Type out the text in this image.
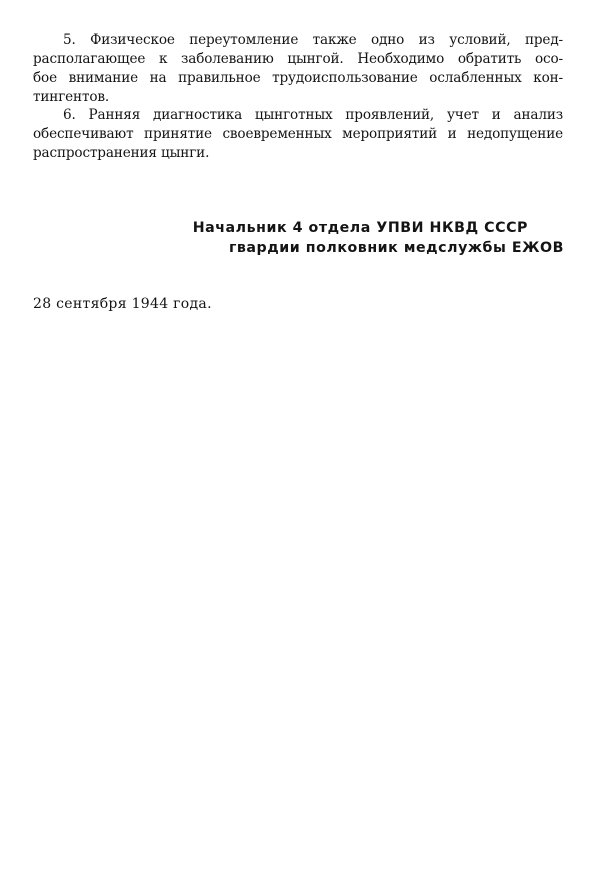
5. Физическое переутомление также одно из условий, пред-
располагающее к заболеванию цынгой. Необходимо обратить осо-
бое внимание на правильное трудоиспользование ослабленных кон-
тингентов.
6. Ранняя диагностика цынготных проявлений, учет и анализ
обеспечивают принятие своевременных мероприятий и недопущение
распространения цынги.
Начальник 4 отдела УПВИ НКВД СССР
гвардии полковник медслужбы ЕЖОВ
28 сентября 1944 года.
